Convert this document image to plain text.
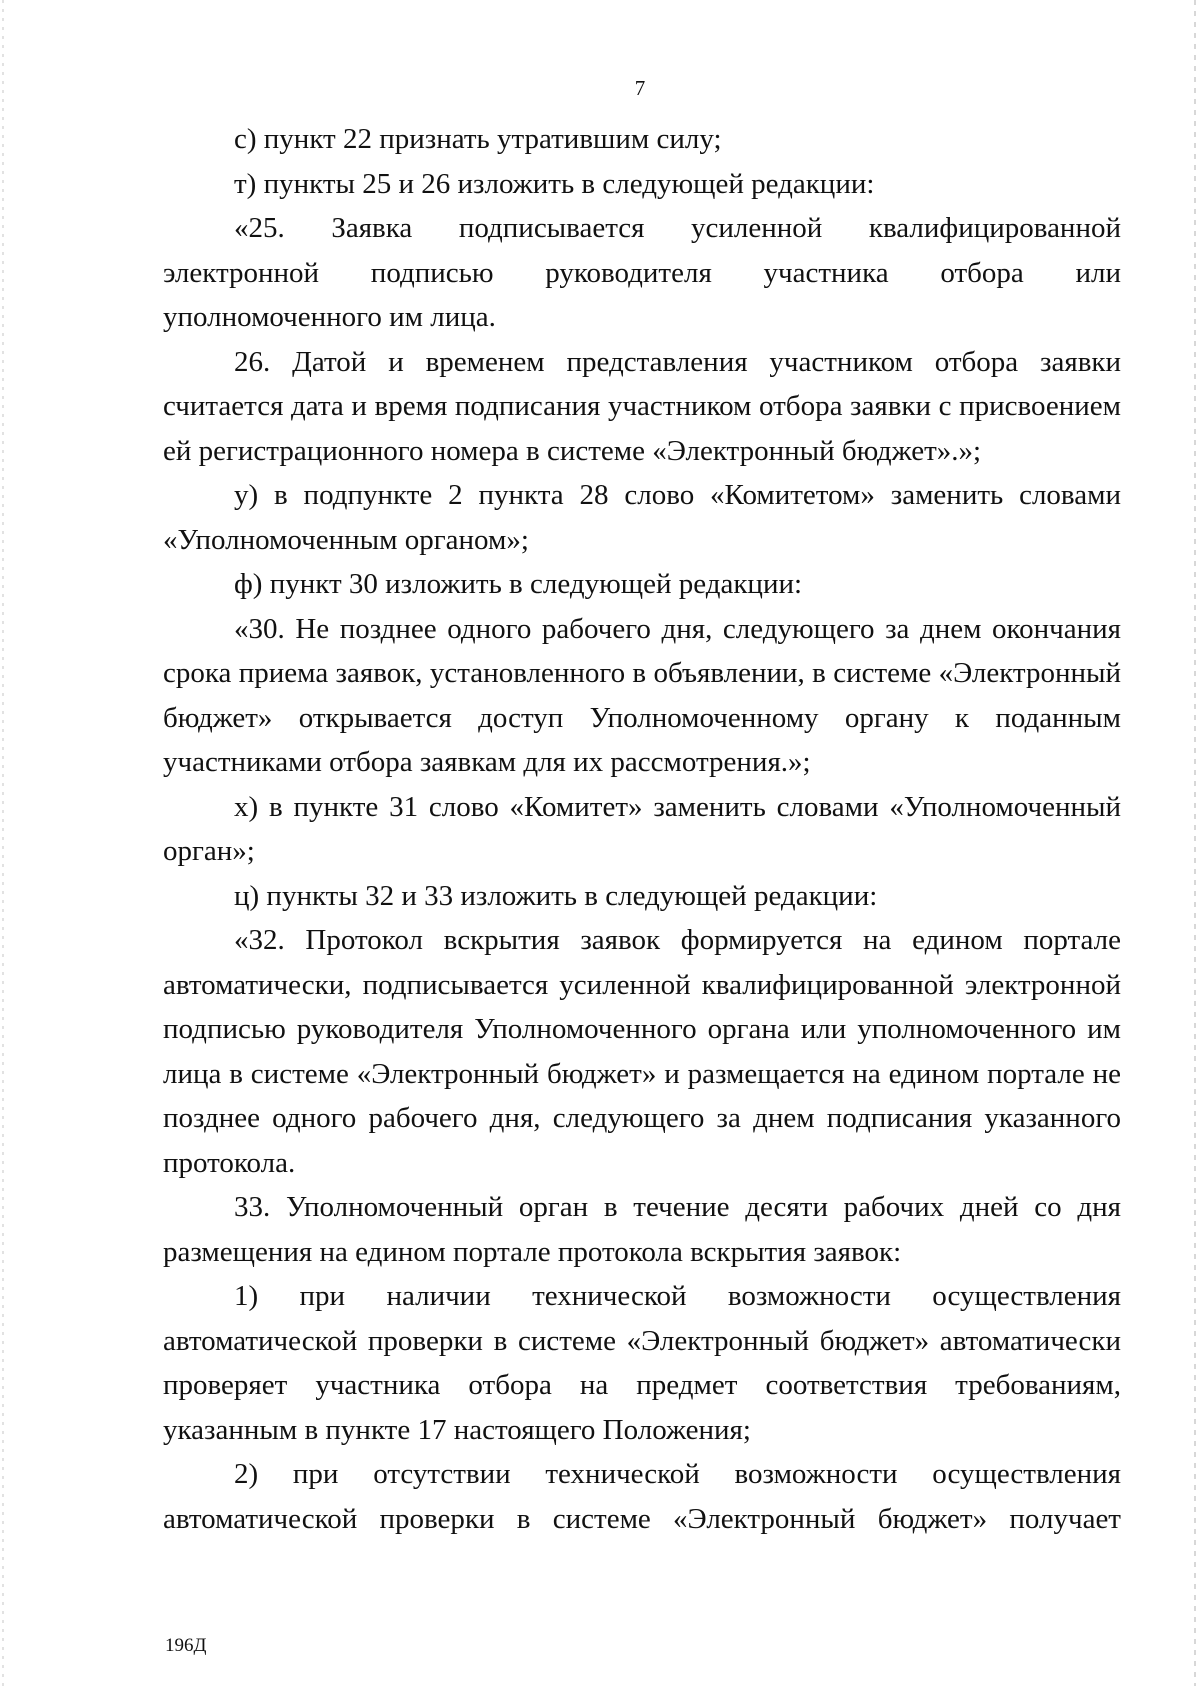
7

с) пункт 22 признать утратившим силу;

т) пункты 25 и 26 изложить в следующей редакции:

«25. Заявка подписывается усиленной квалифицированной электронной подписью руководителя участника отбора или уполномоченного им лица.

26. Датой и временем представления участником отбора заявки считается дата и время подписания участником отбора заявки с присвоением ей регистрационного номера в системе «Электронный бюджет».»;

у) в подпункте 2 пункта 28 слово «Комитетом» заменить словами «Уполномоченным органом»;

ф) пункт 30 изложить в следующей редакции:

«30. Не позднее одного рабочего дня, следующего за днем окончания срока приема заявок, установленного в объявлении, в системе «Электронный бюджет» открывается доступ Уполномоченному органу к поданным участниками отбора заявкам для их рассмотрения.»;

х) в пункте 31 слово «Комитет» заменить словами «Уполномоченный орган»;

ц) пункты 32 и 33 изложить в следующей редакции:

«32. Протокол вскрытия заявок формируется на едином портале автоматически, подписывается усиленной квалифицированной электронной подписью руководителя Уполномоченного органа или уполномоченного им лица в системе «Электронный бюджет» и размещается на едином портале не позднее одного рабочего дня, следующего за днем подписания указанного протокола.

33. Уполномоченный орган в течение десяти рабочих дней со дня размещения на едином портале протокола вскрытия заявок:

1) при наличии технической возможности осуществления автоматической проверки в системе «Электронный бюджет» автоматически проверяет участника отбора на предмет соответствия требованиям, указанным в пункте 17 настоящего Положения;

2) при отсутствии технической возможности осуществления автоматической проверки в системе «Электронный бюджет» получает

196Д
